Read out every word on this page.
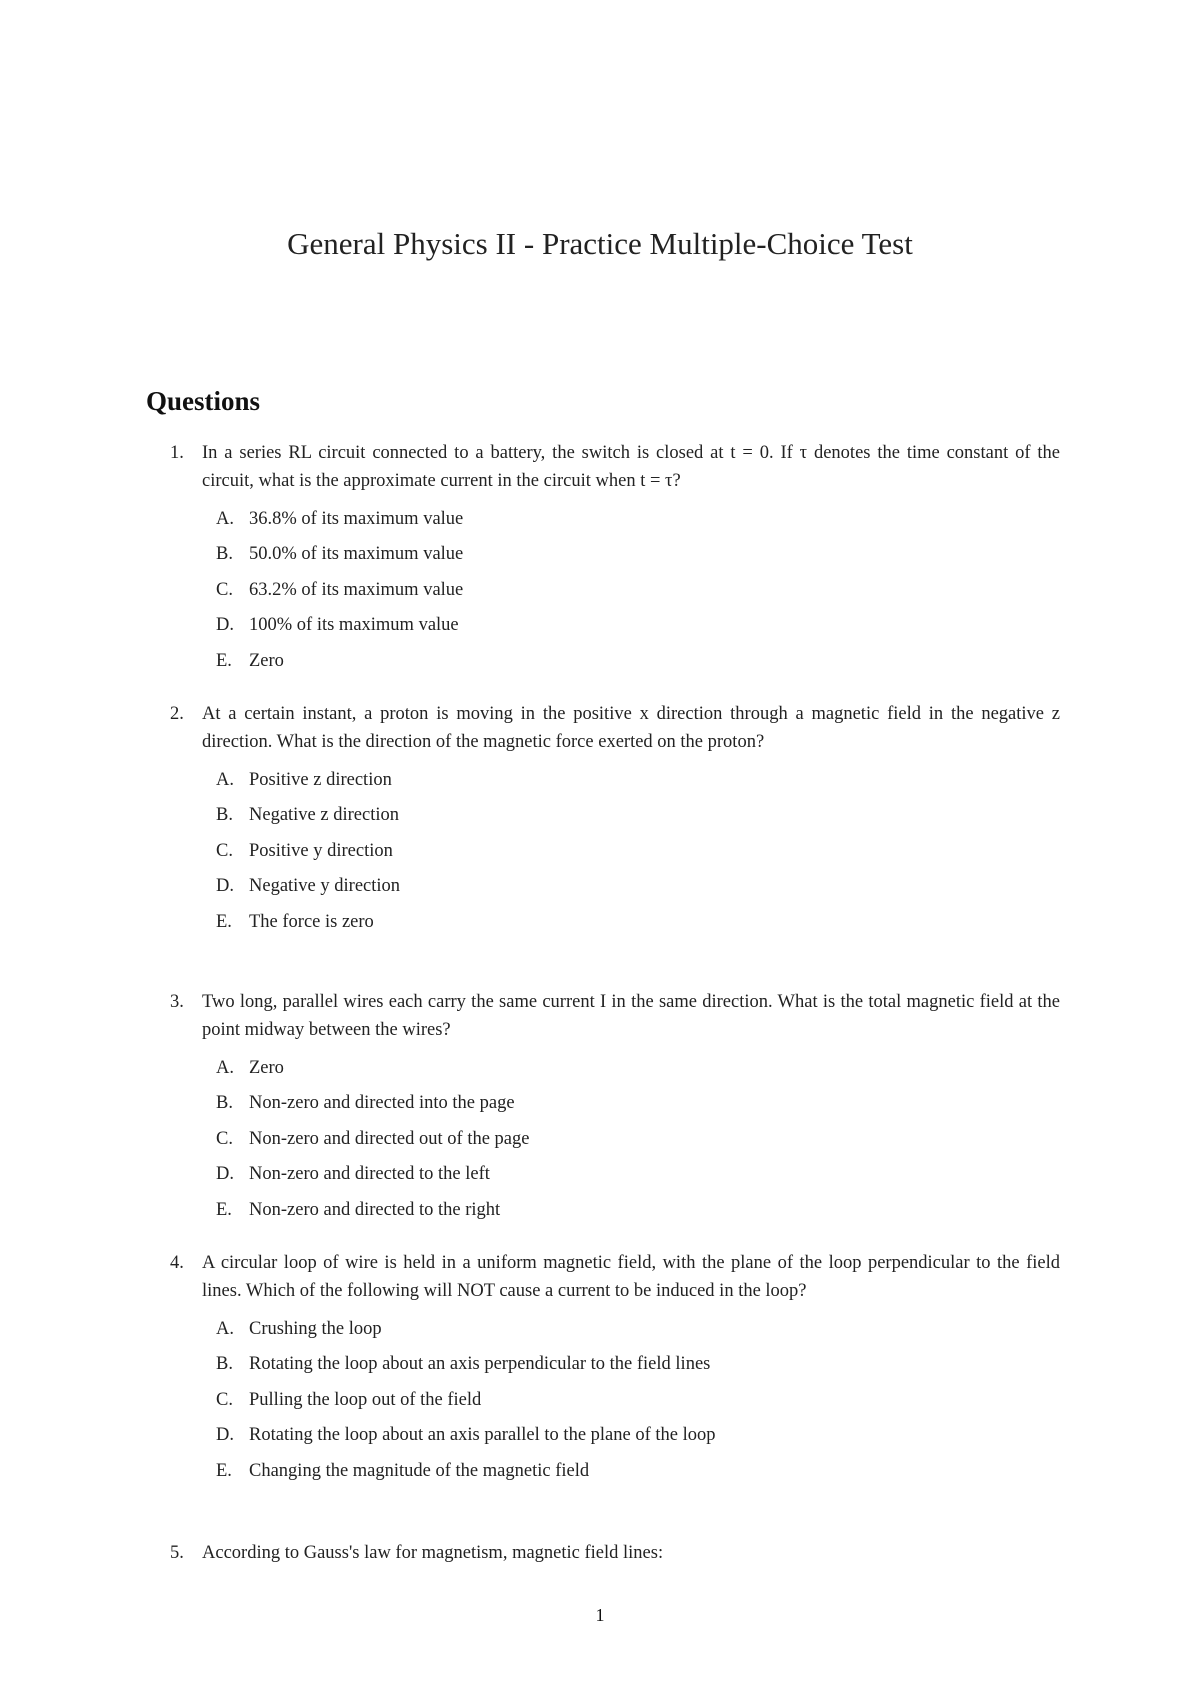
General Physics II - Practice Multiple-Choice Test
Questions
1. In a series RL circuit connected to a battery, the switch is closed at t = 0. If τ denotes the time constant of the circuit, what is the approximate current in the circuit when t = τ?
A. 36.8% of its maximum value
B. 50.0% of its maximum value
C. 63.2% of its maximum value
D. 100% of its maximum value
E. Zero
2. At a certain instant, a proton is moving in the positive x direction through a magnetic field in the negative z direction. What is the direction of the magnetic force exerted on the proton?
A. Positive z direction
B. Negative z direction
C. Positive y direction
D. Negative y direction
E. The force is zero
3. Two long, parallel wires each carry the same current I in the same direction. What is the total magnetic field at the point midway between the wires?
A. Zero
B. Non-zero and directed into the page
C. Non-zero and directed out of the page
D. Non-zero and directed to the left
E. Non-zero and directed to the right
4. A circular loop of wire is held in a uniform magnetic field, with the plane of the loop perpendicular to the field lines. Which of the following will NOT cause a current to be induced in the loop?
A. Crushing the loop
B. Rotating the loop about an axis perpendicular to the field lines
C. Pulling the loop out of the field
D. Rotating the loop about an axis parallel to the plane of the loop
E. Changing the magnitude of the magnetic field
5. According to Gauss's law for magnetism, magnetic field lines:
1
